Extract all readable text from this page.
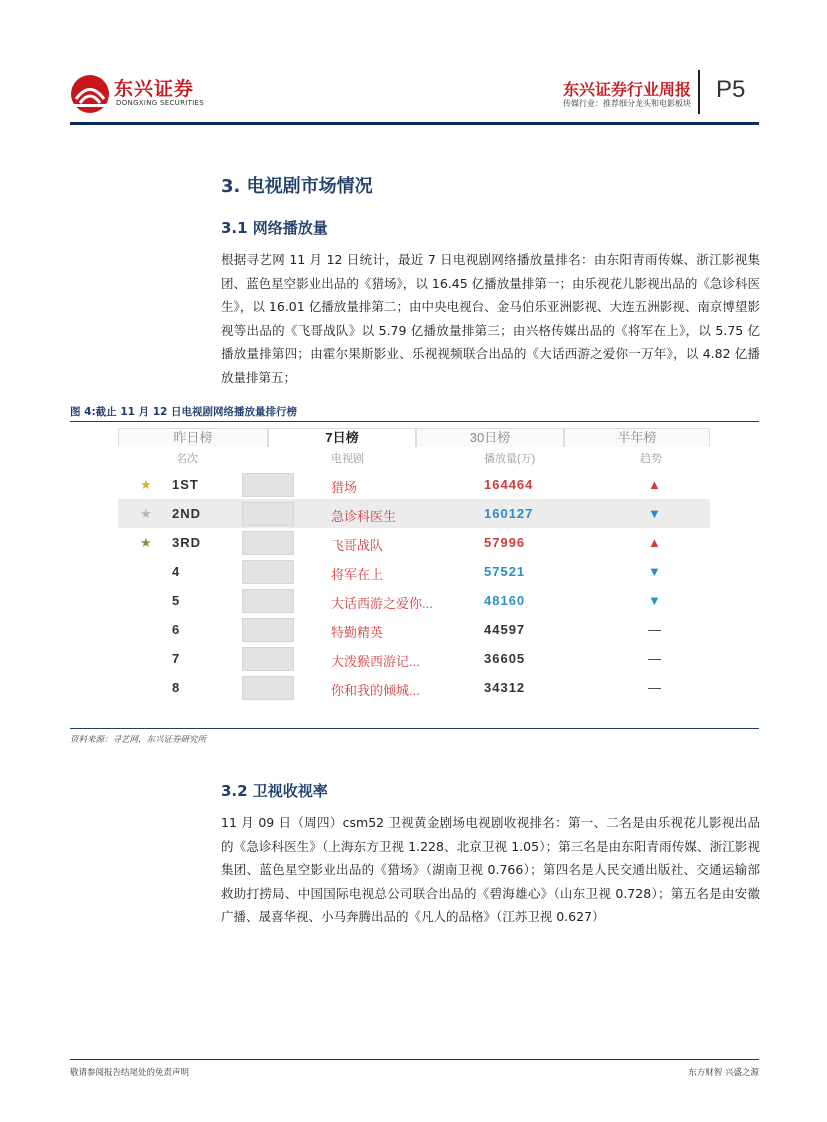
东兴证券
DONGXING SECURITIES
东兴证券行业周报
传媒行业：推荐细分龙头和电影板块
P5
3. 电视剧市场情况
3.1 网络播放量

根据寻艺网 11 月 12 日统计，最近 7 日电视剧网络播放量排名：由东阳青雨传媒、浙江影视集团、蓝色星空影业出品的《猎场》，以 16.45 亿播放量排第一；由乐视花儿影视出品的《急诊科医生》，以 16.01 亿播放量排第二；由中央电视台、金马伯乐亚洲影视、大连五洲影视、南京博望影视等出品的《飞哥战队》以 5.79 亿播放量排第三；由兴格传媒出品的《将军在上》，以 5.75 亿播放量排第四；由霍尔果斯影业、乐视视频联合出品的《大话西游之爱你一万年》，以 4.82 亿播放量排第五；

图 4:截止 11 月 12 日电视剧网络播放量排行榜
昨日榜	7日榜	30日榜	半年榜
名次	电视剧	播放量(万)	趋势
★ 1ST	猎场	164464	▲
★ 2ND	急诊科医生	160127	▼
★ 3RD	飞哥战队	57996	▲
4	将军在上	57521	▼
5	大话西游之爱你...	48160	▼
6	特勤精英	44597	—
7	大泼猴西游记...	36605	—
8	你和我的倾城...	34312	—
资料来源：寻艺网，东兴证券研究所
3.2 卫视收视率

11 月 09 日（周四）csm52 卫视黄金剧场电视剧收视排名：第一、二名是由乐视花儿影视出品的《急诊科医生》（上海东方卫视 1.228、北京卫视 1.05）；第三名是由东阳青雨传媒、浙江影视集团、蓝色星空影业出品的《猎场》（湖南卫视 0.766）；第四名是人民交通出版社、交通运输部救助打捞局、中国国际电视总公司联合出品的《碧海雄心》（山东卫视 0.728）；第五名是由安徽广播、晟喜华视、小马奔腾出品的《凡人的品格》（江苏卫视 0.627）

敬请参阅报告结尾处的免责声明	东方财智 兴盛之源
